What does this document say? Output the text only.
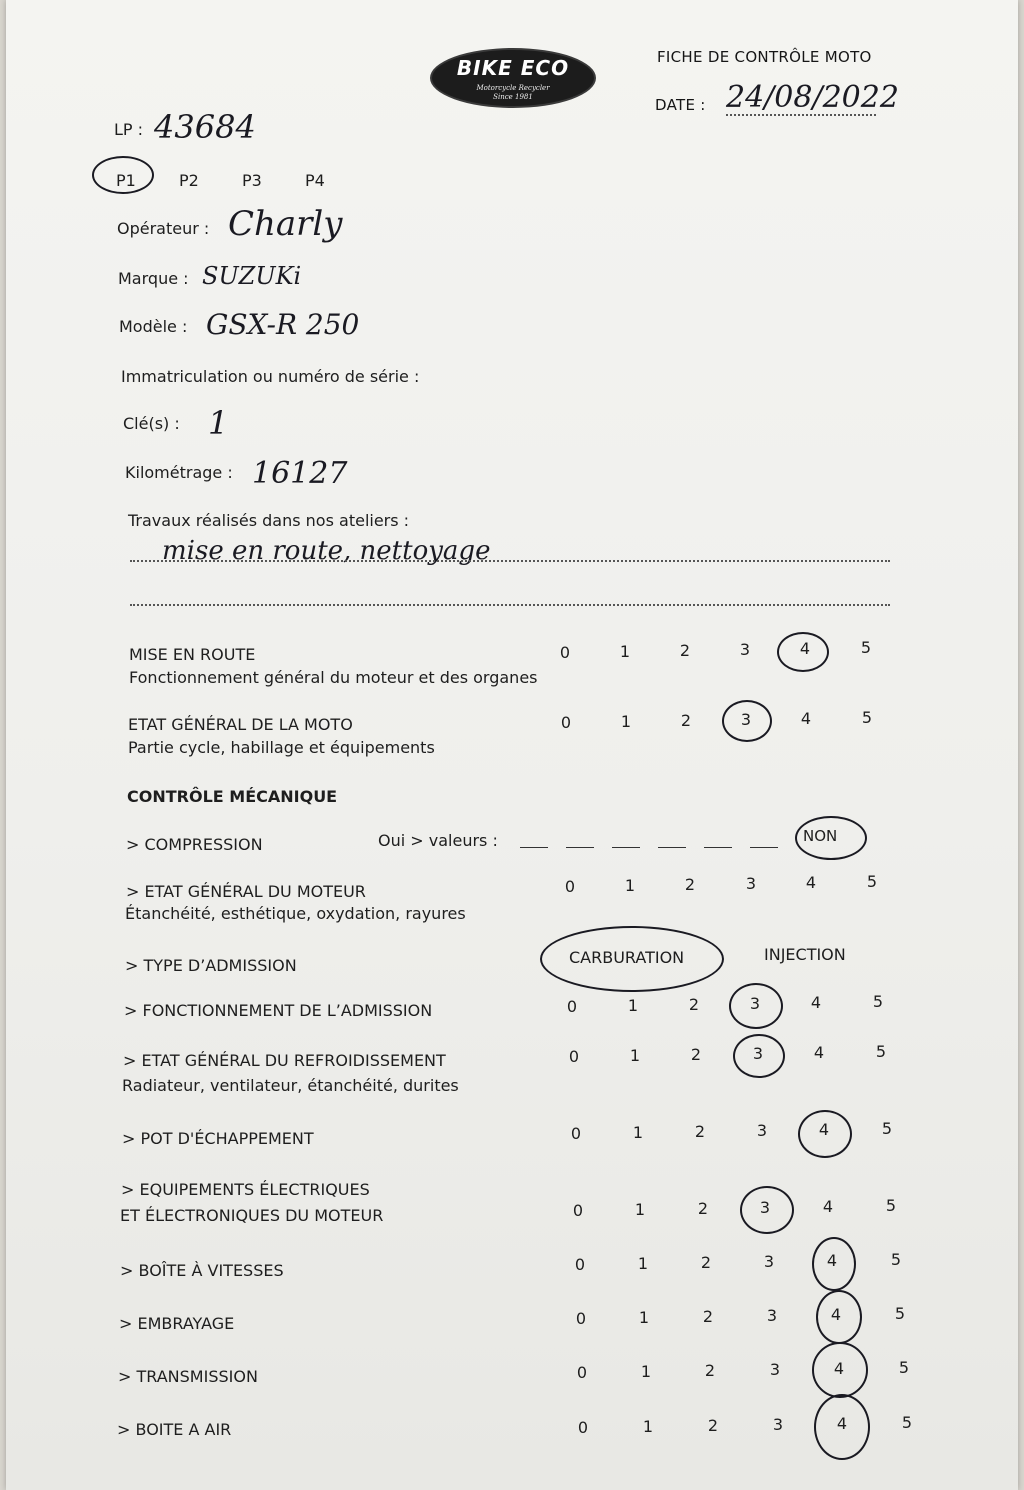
BIKE ECO
Motorcycle Recycler
Since 1981
FICHE DE CONTRÔLE MOTO
DATE : 24/08/2022
LP : 43684
P1	P2	P3	P4
Opérateur : Charly
Marque : SUZUKi
Modèle : GSX-R 250
Immatriculation ou numéro de série :
Clé(s) : 1
Kilométrage : 16127
Travaux réalisés dans nos ateliers :
mise en route, nettoyage
MISE EN ROUTE
Fonctionnement général du moteur et des organes
0	1	2	3	4	5
ETAT GÉNÉRAL DE LA MOTO
Partie cycle, habillage et équipements
0	1	2	3	4	5
CONTRÔLE MÉCANIQUE
> COMPRESSION	Oui > valeurs :	NON
> ETAT GÉNÉRAL DU MOTEUR
Étanchéité, esthétique, oxydation, rayures
0	1	2	3	4	5
> TYPE D’ADMISSION	CARBURATION	INJECTION
> FONCTIONNEMENT DE L’ADMISSION	0	1	2	3	4	5
> ETAT GÉNÉRAL DU REFROIDISSEMENT
Radiateur, ventilateur, étanchéité, durites
0	1	2	3	4	5
> POT D'ÉCHAPPEMENT	0	1	2	3	4	5
> EQUIPEMENTS ÉLECTRIQUES
ET ÉLECTRONIQUES DU MOTEUR	0	1	2	3	4	5
> BOÎTE À VITESSES	0	1	2	3	4	5
> EMBRAYAGE	0	1	2	3	4	5
> TRANSMISSION	0	1	2	3	4	5
> BOITE A AIR	0	1	2	3	4	5
